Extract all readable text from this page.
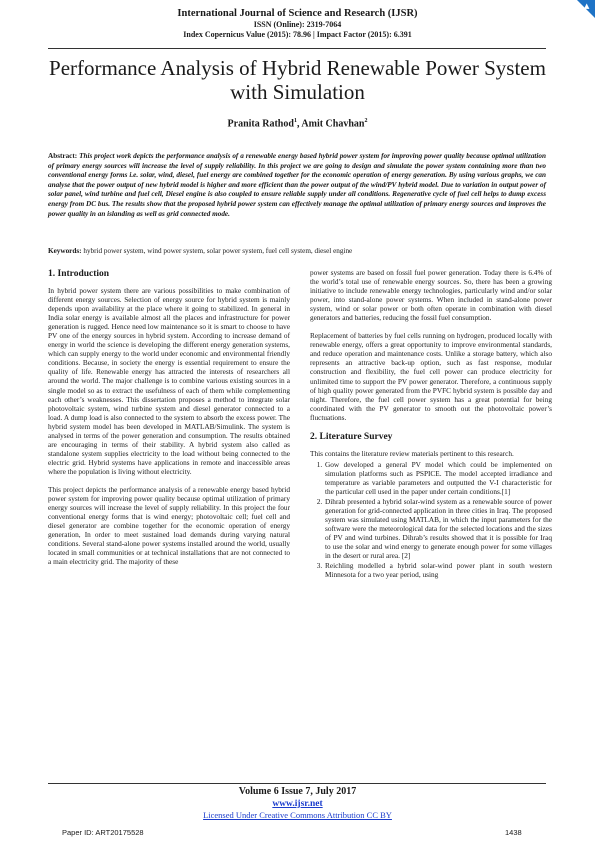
▲
International Journal of Science and Research (IJSR)
ISSN (Online): 2319-7064
Index Copernicus Value (2015): 78.96 | Impact Factor (2015): 6.391
Performance Analysis of Hybrid Renewable Power System with Simulation
Pranita Rathod$^1$, Amit Chavhan$^2$
Abstract: This project work depicts the performance analysis of a renewable energy based hybrid power system for improving power quality because optimal utilization of primary energy sources will increase the level of supply reliability. In this project we are going to design and simulate the power system containing more than two conventional energy forms i.e. solar, wind, diesel, fuel energy are combined together for the economic operation of energy generation. By using various graphs, we can analyse that the power output of new hybrid model is higher and more efficient than the power output of the wind/PV hybrid model. Due to variation in output power of solar panel, wind turbine and fuel cell, Diesel engine is also coupled to ensure reliable supply under all conditions. Regenerative cycle of fuel cell helps to dump excess energy from DC bus. The results show that the proposed hybrid power system can effectively manage the optimal utilization of primary energy sources and improves the power quality in an islanding as well as grid connected mode.
Keywords: hybrid power system, wind power system, solar power system, fuel cell system, diesel engine
1. Introduction

In hybrid power system there are various possibilities to make combination of different energy sources. Selection of energy source for hybrid system is mainly depends upon availability at the place where it going to stabilized. In general in India solar energy is available almost all the places and infrastructure for power generation is rugged. Hence need low maintenance so it is smart to choose to have PV one of the energy sources in hybrid system. According to increase demand of energy in world the science is developing the different energy generation systems, which can supply energy to the world under economic and environmental friendly conditions. Because, in society the energy is essential requirement to ensure the quality of life. Renewable energy has attracted the interests of researchers all around the world. The major challenge is to combine various existing sources in a single model so as to extract the usefulness of each of them while complementing each other’s weaknesses. This dissertation proposes a method to integrate solar photovoltaic system, wind turbine system and diesel generator connected to a load. A dump load is also connected to the system to absorb the excess power. The hybrid system model has been developed in MATLAB/Simulink. The system is analysed in terms of the power generation and consumption. The results obtained are encouraging in terms of their stability. A hybrid system also called as standalone system supplies electricity to the load without being connected to the electric grid. Hybrid systems have applications in remote and inaccessible areas where the population is living without electricity.

This project depicts the performance analysis of a renewable energy based hybrid power system for improving power quality because optimal utilization of primary energy sources will increase the level of supply reliability. In this project the four conventional energy forms that is wind energy; photovoltaic cell; fuel cell and diesel generator are combine together for the economic operation of energy generation, In order to meet sustained load demands during varying natural conditions. Several stand-alone power systems installed around the world, usually located in small communities or at technical installations that are not connected to a main electricity grid. The majority of these

power systems are based on fossil fuel power generation. Today there is 6.4% of the world’s total use of renewable energy sources. So, there has been a growing initiative to include renewable energy technologies, particularly wind and/or solar power, into stand-alone power systems. When included in stand-alone power system, wind or solar power or both often operate in combination with diesel generators and batteries, reducing the fossil fuel consumption.

Replacement of batteries by fuel cells running on hydrogen, produced locally with renewable energy, offers a great opportunity to improve environmental standards, and reduce operation and maintenance costs. Unlike a storage battery, which also represents an attractive back-up option, such as fast response, modular construction and flexibility, the fuel cell power can produce electricity for unlimited time to support the PV power generator. Therefore, a continuous supply of high quality power generated from the PVFC hybrid system is possible day and night. Therefore, the fuel cell power system has a great potential for being coordinated with the PV generator to smooth out the photovoltaic power’s fluctuations.

2. Literature Survey

This contains the literature review materials pertinent to this research.

1. Gow developed a general PV model which could be implemented on simulation platforms such as PSPICE. The model accepted irradiance and temperature as variable parameters and outputted the V-I characteristic for the particular cell used in the paper under certain conditions.[1]
2. Dihrab presented a hybrid solar-wind system as a renewable source of power generation for grid-connected application in three cities in Iraq. The proposed system was simulated using MATLAB, in which the input parameters for the software were the meteorological data for the selected locations and the sizes of PV and wind turbines. Dihrab’s results showed that it is possible for Iraq to use the solar and wind energy to generate enough power for some villages in the desert or rural area. [2]
3. Reichling modelled a hybrid solar-wind power plant in south western Minnesota for a two year period, using
Volume 6 Issue 7, July 2017
www.ijsr.net
Licensed Under Creative Commons Attribution CC BY
Paper ID: ART20175528	1438
